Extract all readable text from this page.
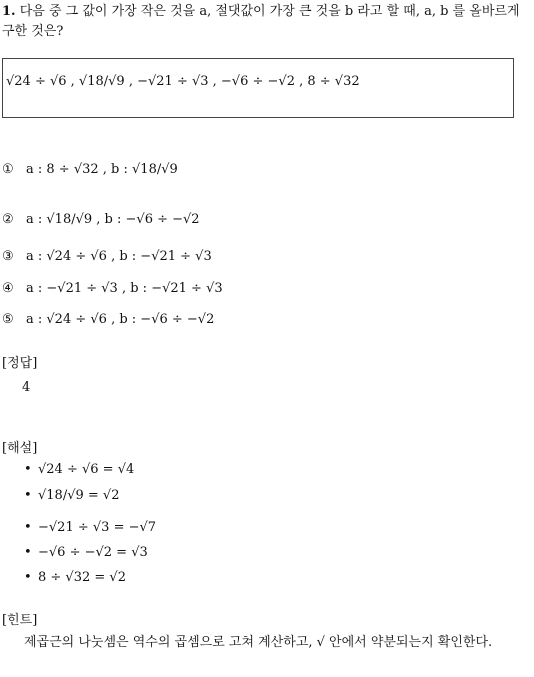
1. 다음 중 그 값이 가장 작은 것을 a, 절댓값이 가장 큰 것을 b 라고 할 때, a, b 를 올바르게 구한 것은?
√24 ÷ √6 , √18/√9 , −√21 ÷ √3 , −√6 ÷ −√2 , 8 ÷ √32
① a : 8 ÷ √32 , b : √18/√9
② a : √18/√9 , b : −√6 ÷ −√2
③ a : √24 ÷ √6 , b : −√21 ÷ √3
④ a : −√21 ÷ √3 , b : −√21 ÷ √3
⑤ a : √24 ÷ √6 , b : −√6 ÷ −√2
[정답]
4
[해설]
• √24 ÷ √6 = √4
• √18/√9 = √2
• −√21 ÷ √3 = −√7
• −√6 ÷ −√2 = √3
• 8 ÷ √32 = √2
[힌트]
제곱근의 나눗셈은 역수의 곱셈으로 고쳐 계산하고, √ 안에서 약분되는지 확인한다.
